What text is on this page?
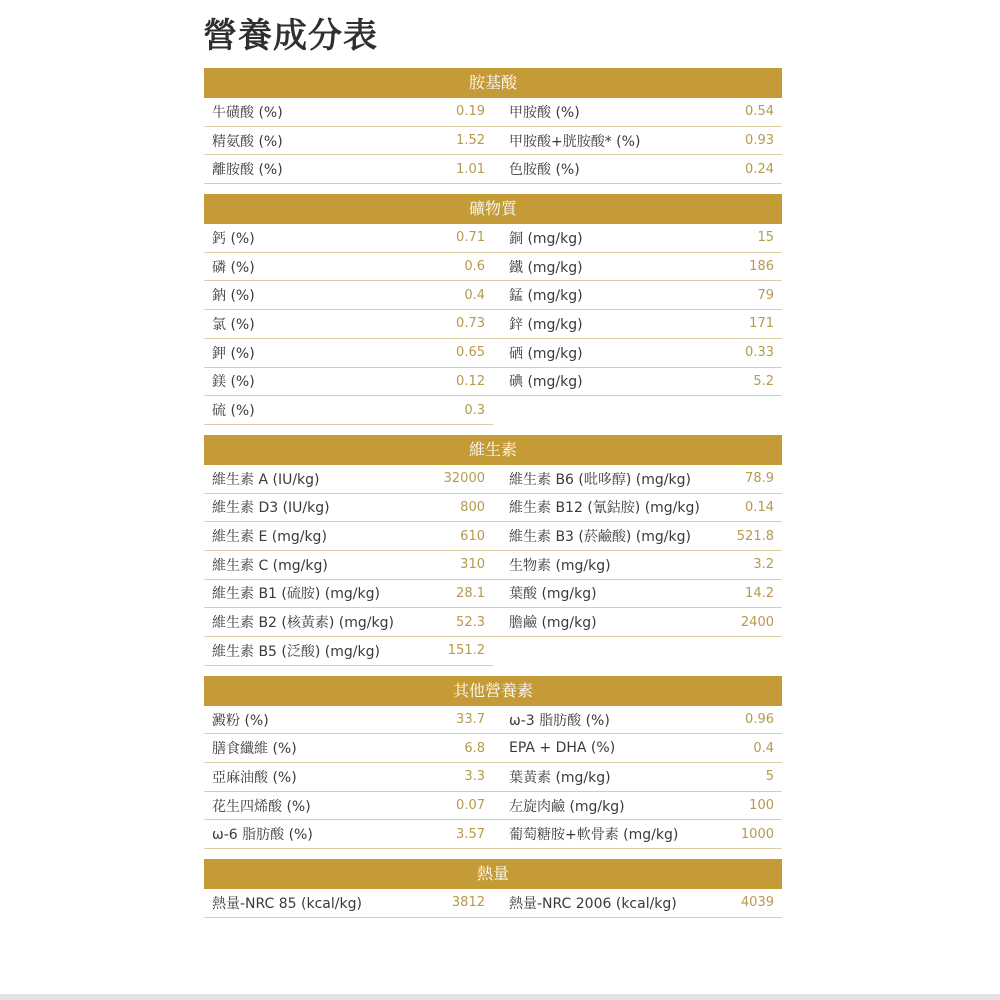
營養成分表
胺基酸
牛磺酸 (%)	0.19	甲胺酸 (%)	0.54
精氨酸 (%)	1.52	甲胺酸+胱胺酸* (%)	0.93
離胺酸 (%)	1.01	色胺酸 (%)	0.24
礦物質
鈣 (%)	0.71	銅 (mg/kg)	15
磷 (%)	0.6	鐵 (mg/kg)	186
鈉 (%)	0.4	錳 (mg/kg)	79
氯 (%)	0.73	鋅 (mg/kg)	171
鉀 (%)	0.65	硒 (mg/kg)	0.33
鎂 (%)	0.12	碘 (mg/kg)	5.2
硫 (%)	0.3
維生素
維生素 A (IU/kg)	32000	維生素 B6 (吡哆醇) (mg/kg)	78.9
維生素 D3 (IU/kg)	800	維生素 B12 (氰鈷胺) (mg/kg)	0.14
維生素 E (mg/kg)	610	維生素 B3 (菸鹼酸) (mg/kg)	521.8
維生素 C (mg/kg)	310	生物素 (mg/kg)	3.2
維生素 B1 (硫胺) (mg/kg)	28.1	葉酸 (mg/kg)	14.2
維生素 B2 (核黃素) (mg/kg)	52.3	膽鹼 (mg/kg)	2400
維生素 B5 (泛酸) (mg/kg)	151.2
其他營養素
澱粉 (%)	33.7	ω-3 脂肪酸 (%)	0.96
膳食纖維 (%)	6.8	EPA + DHA (%)	0.4
亞麻油酸 (%)	3.3	葉黃素 (mg/kg)	5
花生四烯酸 (%)	0.07	左旋肉鹼 (mg/kg)	100
ω-6 脂肪酸 (%)	3.57	葡萄糖胺+軟骨素 (mg/kg)	1000
熱量
熱量-NRC 85 (kcal/kg)	3812	熱量-NRC 2006 (kcal/kg)	4039
